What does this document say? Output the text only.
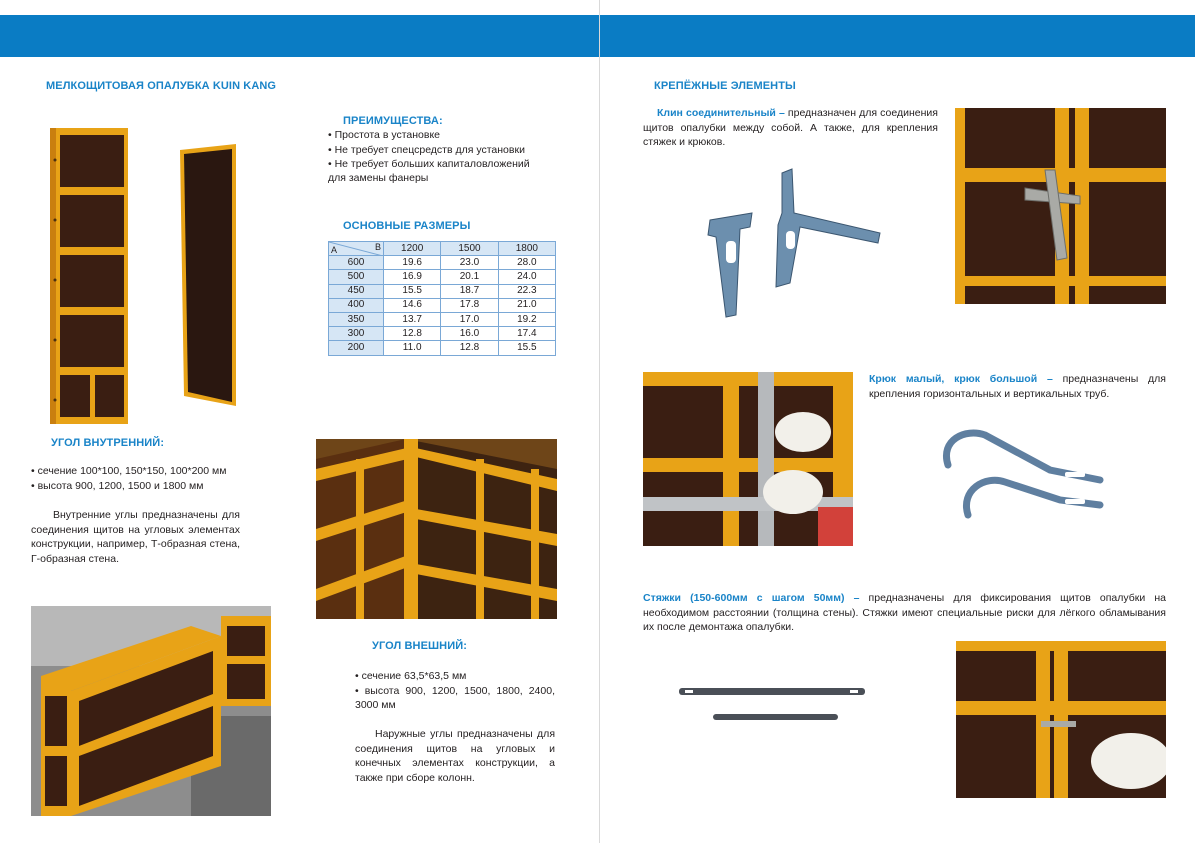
МЕЛКОЩИТОВАЯ ОПАЛУБКА KUIN KANG
ПРЕИМУЩЕСТВА:
• Простота в установке
• Не требует спецсредств для установки
• Не требует больших капиталовложений
для замены фанеры
ОСНОВНЫЕ РАЗМЕРЫ
A B	1200	1500	1800
600	19.6	23.0	28.0
500	16.9	20.1	24.0
450	15.5	18.7	22.3
400	14.6	17.8	21.0
350	13.7	17.0	19.2
300	12.8	16.0	17.4
200	11.0	12.8	15.5
УГОЛ ВНУТРЕННИЙ:
• сечение 100*100, 150*150, 100*200 мм
• высота 900, 1200, 1500 и 1800 мм
Внутренние углы предназначены для соединения щитов на угловых элементах конструкции, например, Т-образная стена, Г-образная стена.
УГОЛ ВНЕШНИЙ:
• сечение 63,5*63,5 мм
• высота 900, 1200, 1500, 1800, 2400, 3000 мм
Наружные углы предназначены для соединения щитов на угловых и конечных элементах конструкции, а также при сборе колонн.
КРЕПЁЖНЫЕ ЭЛЕМЕНТЫ
Клин соединительный – предназначен для соединения щитов опалубки между собой. А также, для крепления стяжек и крюков.
Крюк малый, крюк большой – предназначены для крепления горизонтальных и вертикальных труб.
Стяжки (150-600мм с шагом 50мм) – предназначены для фиксирования щитов опалубки на необходимом расстоянии (толщина стены). Стяжки имеют специальные риски для лёгкого обламывания их после демонтажа опалубки.
